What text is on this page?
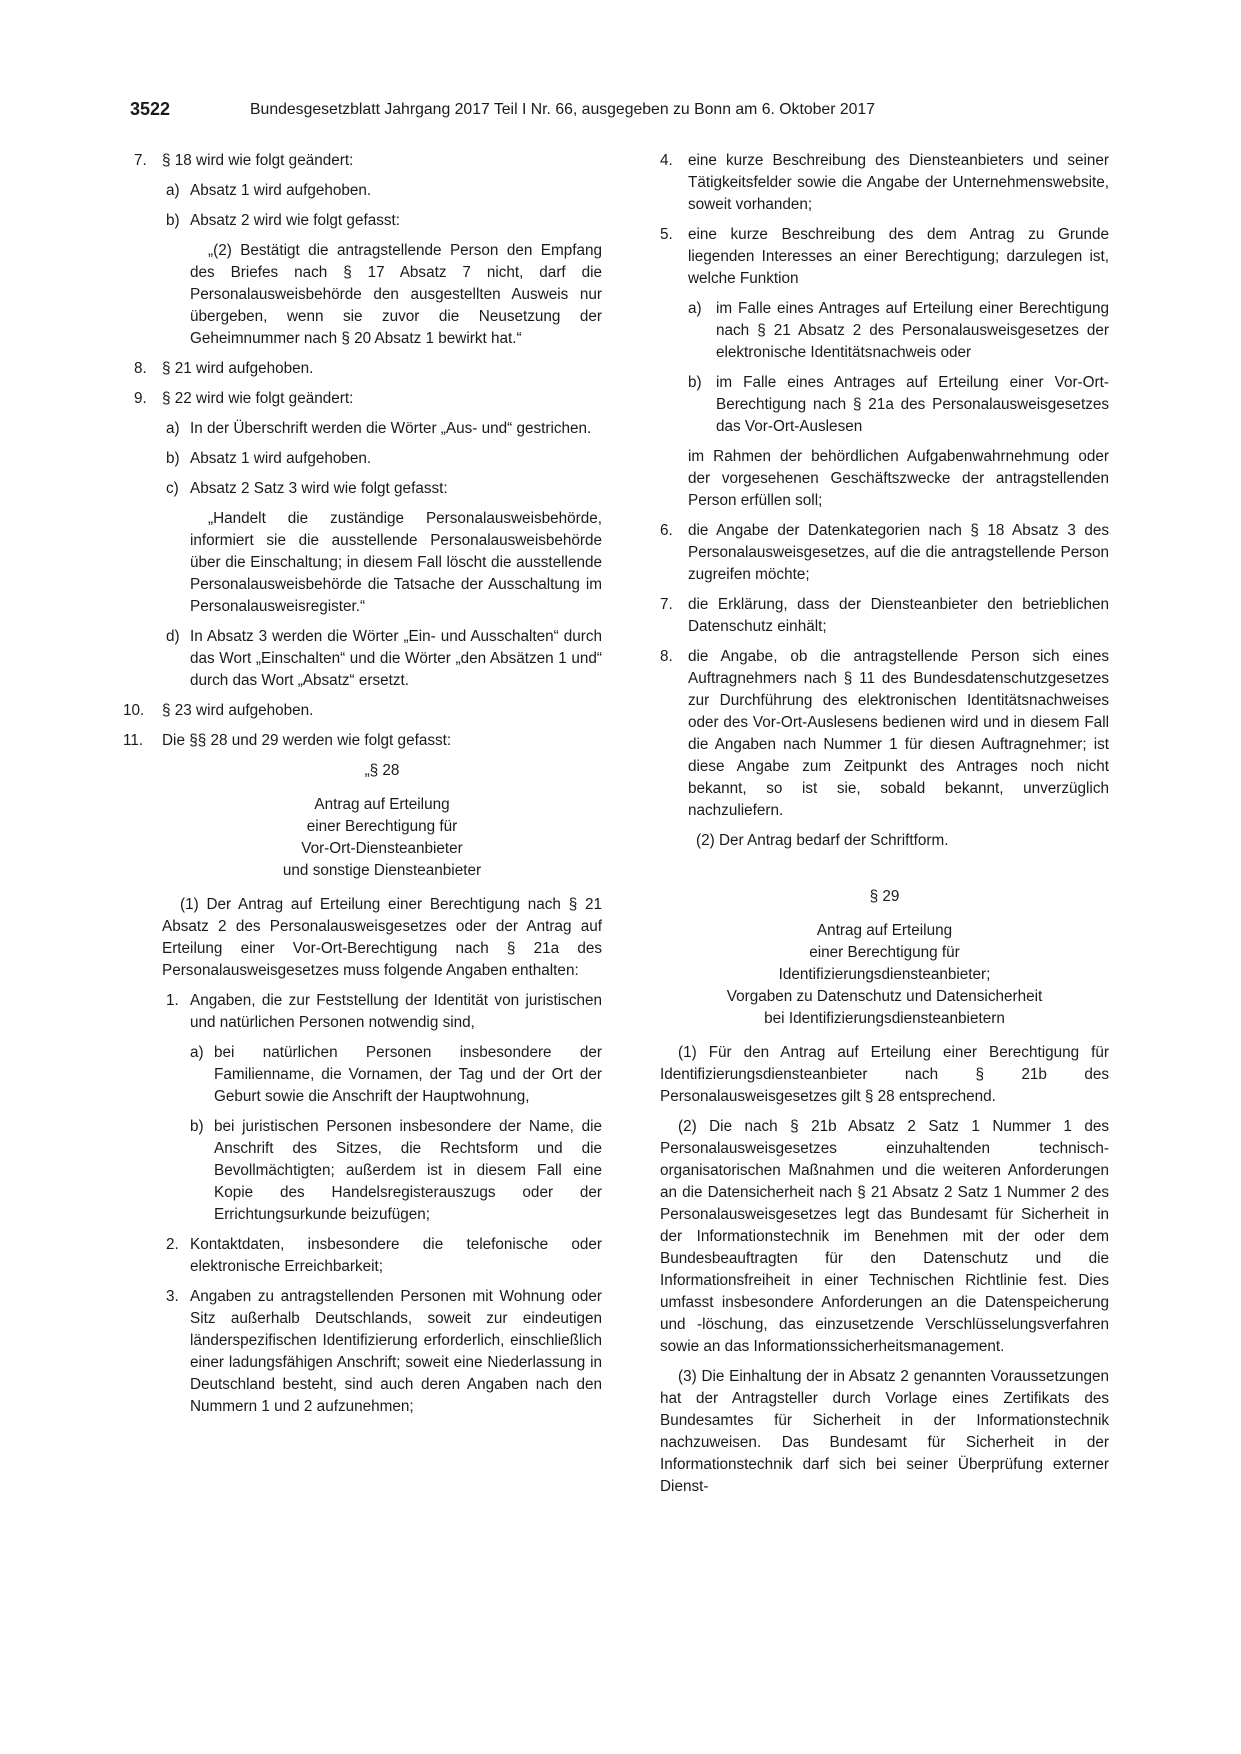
3522	Bundesgesetzblatt Jahrgang 2017 Teil I Nr. 66, ausgegeben zu Bonn am 6. Oktober 2017
7. § 18 wird wie folgt geändert:
a) Absatz 1 wird aufgehoben.
b) Absatz 2 wird wie folgt gefasst:
„(2) Bestätigt die antragstellende Person den Empfang des Briefes nach § 17 Absatz 7 nicht, darf die Personalausweisbehörde den ausgestellten Ausweis nur übergeben, wenn sie zuvor die Neusetzung der Geheimnummer nach § 20 Absatz 1 bewirkt hat.“
8. § 21 wird aufgehoben.
9. § 22 wird wie folgt geändert:
a) In der Überschrift werden die Wörter „Aus- und“ gestrichen.
b) Absatz 1 wird aufgehoben.
c) Absatz 2 Satz 3 wird wie folgt gefasst:
„Handelt die zuständige Personalausweisbehörde, informiert sie die ausstellende Personalausweisbehörde über die Einschaltung; in diesem Fall löscht die ausstellende Personalausweisbehörde die Tatsache der Ausschaltung im Personalausweisregister.“
d) In Absatz 3 werden die Wörter „Ein- und Ausschalten“ durch das Wort „Einschalten“ und die Wörter „den Absätzen 1 und“ durch das Wort „Absatz“ ersetzt.
10. § 23 wird aufgehoben.
11. Die §§ 28 und 29 werden wie folgt gefasst:
„§ 28
Antrag auf Erteilung
einer Berechtigung für
Vor-Ort-Diensteanbieter
und sonstige Diensteanbieter
(1) Der Antrag auf Erteilung einer Berechtigung nach § 21 Absatz 2 des Personalausweisgesetzes oder der Antrag auf Erteilung einer Vor-Ort-Berechtigung nach § 21a des Personalausweisgesetzes muss folgende Angaben enthalten:
1. Angaben, die zur Feststellung der Identität von juristischen und natürlichen Personen notwendig sind,
a) bei natürlichen Personen insbesondere der Familienname, die Vornamen, der Tag und der Ort der Geburt sowie die Anschrift der Hauptwohnung,
b) bei juristischen Personen insbesondere der Name, die Anschrift des Sitzes, die Rechtsform und die Bevollmächtigten; außerdem ist in diesem Fall eine Kopie des Handelsregisterauszugs oder der Errichtungsurkunde beizufügen;
2. Kontaktdaten, insbesondere die telefonische oder elektronische Erreichbarkeit;
3. Angaben zu antragstellenden Personen mit Wohnung oder Sitz außerhalb Deutschlands, soweit zur eindeutigen länderspezifischen Identifizierung erforderlich, einschließlich einer ladungsfähigen Anschrift; soweit eine Niederlassung in Deutschland besteht, sind auch deren Angaben nach den Nummern 1 und 2 aufzunehmen;
4. eine kurze Beschreibung des Diensteanbieters und seiner Tätigkeitsfelder sowie die Angabe der Unternehmenswebsite, soweit vorhanden;
5. eine kurze Beschreibung des dem Antrag zu Grunde liegenden Interesses an einer Berechtigung; darzulegen ist, welche Funktion
a) im Falle eines Antrages auf Erteilung einer Berechtigung nach § 21 Absatz 2 des Personalausweisgesetzes der elektronische Identitätsnachweis oder
b) im Falle eines Antrages auf Erteilung einer Vor-Ort-Berechtigung nach § 21a des Personalausweisgesetzes das Vor-Ort-Auslesen
im Rahmen der behördlichen Aufgabenwahrnehmung oder der vorgesehenen Geschäftszwecke der antragstellenden Person erfüllen soll;
6. die Angabe der Datenkategorien nach § 18 Absatz 3 des Personalausweisgesetzes, auf die die antragstellende Person zugreifen möchte;
7. die Erklärung, dass der Diensteanbieter den betrieblichen Datenschutz einhält;
8. die Angabe, ob die antragstellende Person sich eines Auftragnehmers nach § 11 des Bundesdatenschutzgesetzes zur Durchführung des elektronischen Identitätsnachweises oder des Vor-Ort-Auslesens bedienen wird und in diesem Fall die Angaben nach Nummer 1 für diesen Auftragnehmer; ist diese Angabe zum Zeitpunkt des Antrages noch nicht bekannt, so ist sie, sobald bekannt, unverzüglich nachzuliefern.
(2) Der Antrag bedarf der Schriftform.
§ 29
Antrag auf Erteilung
einer Berechtigung für
Identifizierungsdiensteanbieter;
Vorgaben zu Datenschutz und Datensicherheit
bei Identifizierungsdiensteanbietern
(1) Für den Antrag auf Erteilung einer Berechtigung für Identifizierungsdiensteanbieter nach § 21b des Personalausweisgesetzes gilt § 28 entsprechend.
(2) Die nach § 21b Absatz 2 Satz 1 Nummer 1 des Personalausweisgesetzes einzuhaltenden technisch-organisatorischen Maßnahmen und die weiteren Anforderungen an die Datensicherheit nach § 21 Absatz 2 Satz 1 Nummer 2 des Personalausweisgesetzes legt das Bundesamt für Sicherheit in der Informationstechnik im Benehmen mit der oder dem Bundesbeauftragten für den Datenschutz und die Informationsfreiheit in einer Technischen Richtlinie fest. Dies umfasst insbesondere Anforderungen an die Datenspeicherung und -löschung, das einzusetzende Verschlüsselungsverfahren sowie an das Informationssicherheitsmanagement.
(3) Die Einhaltung der in Absatz 2 genannten Voraussetzungen hat der Antragsteller durch Vorlage eines Zertifikats des Bundesamtes für Sicherheit in der Informationstechnik nachzuweisen. Das Bundesamt für Sicherheit in der Informationstechnik darf sich bei seiner Überprüfung externer Dienst-
